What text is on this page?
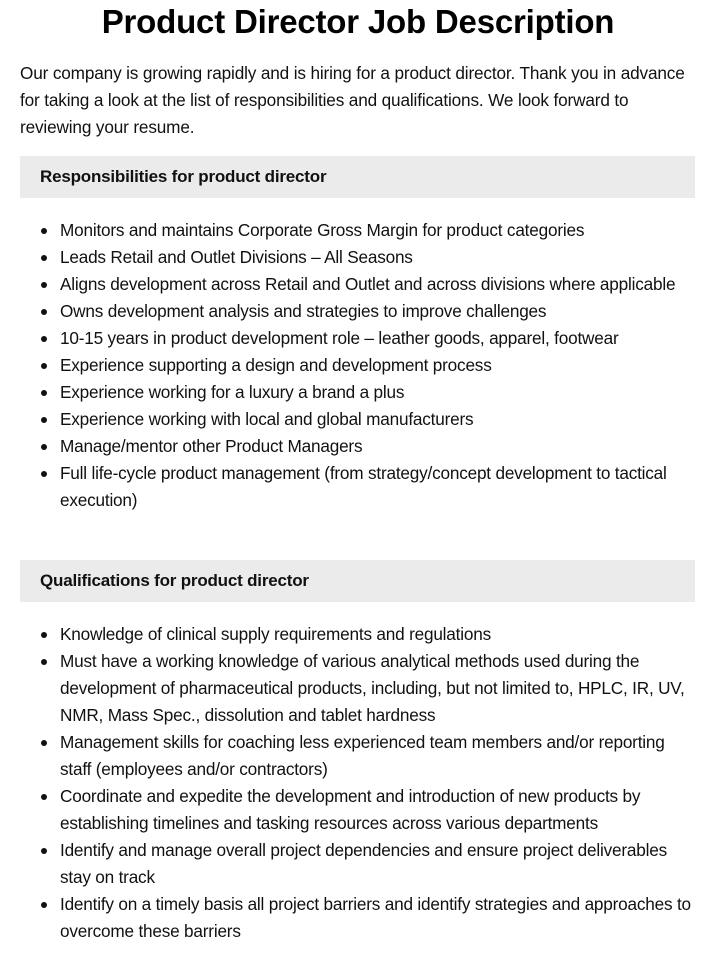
Product Director Job Description

Our company is growing rapidly and is hiring for a product director. Thank you in advance for taking a look at the list of responsibilities and qualifications. We look forward to reviewing your resume.

Responsibilities for product director
Monitors and maintains Corporate Gross Margin for product categories
Leads Retail and Outlet Divisions – All Seasons
Aligns development across Retail and Outlet and across divisions where applicable
Owns development analysis and strategies to improve challenges
10-15 years in product development role – leather goods, apparel, footwear
Experience supporting a design and development process
Experience working for a luxury a brand a plus
Experience working with local and global manufacturers
Manage/mentor other Product Managers
Full life-cycle product management (from strategy/concept development to tactical execution)
Qualifications for product director
Knowledge of clinical supply requirements and regulations
Must have a working knowledge of various analytical methods used during the development of pharmaceutical products, including, but not limited to, HPLC, IR, UV, NMR, Mass Spec., dissolution and tablet hardness
Management skills for coaching less experienced team members and/or reporting staff (employees and/or contractors)
Coordinate and expedite the development and introduction of new products by establishing timelines and tasking resources across various departments
Identify and manage overall project dependencies and ensure project deliverables stay on track
Identify on a timely basis all project barriers and identify strategies and approaches to overcome these barriers
